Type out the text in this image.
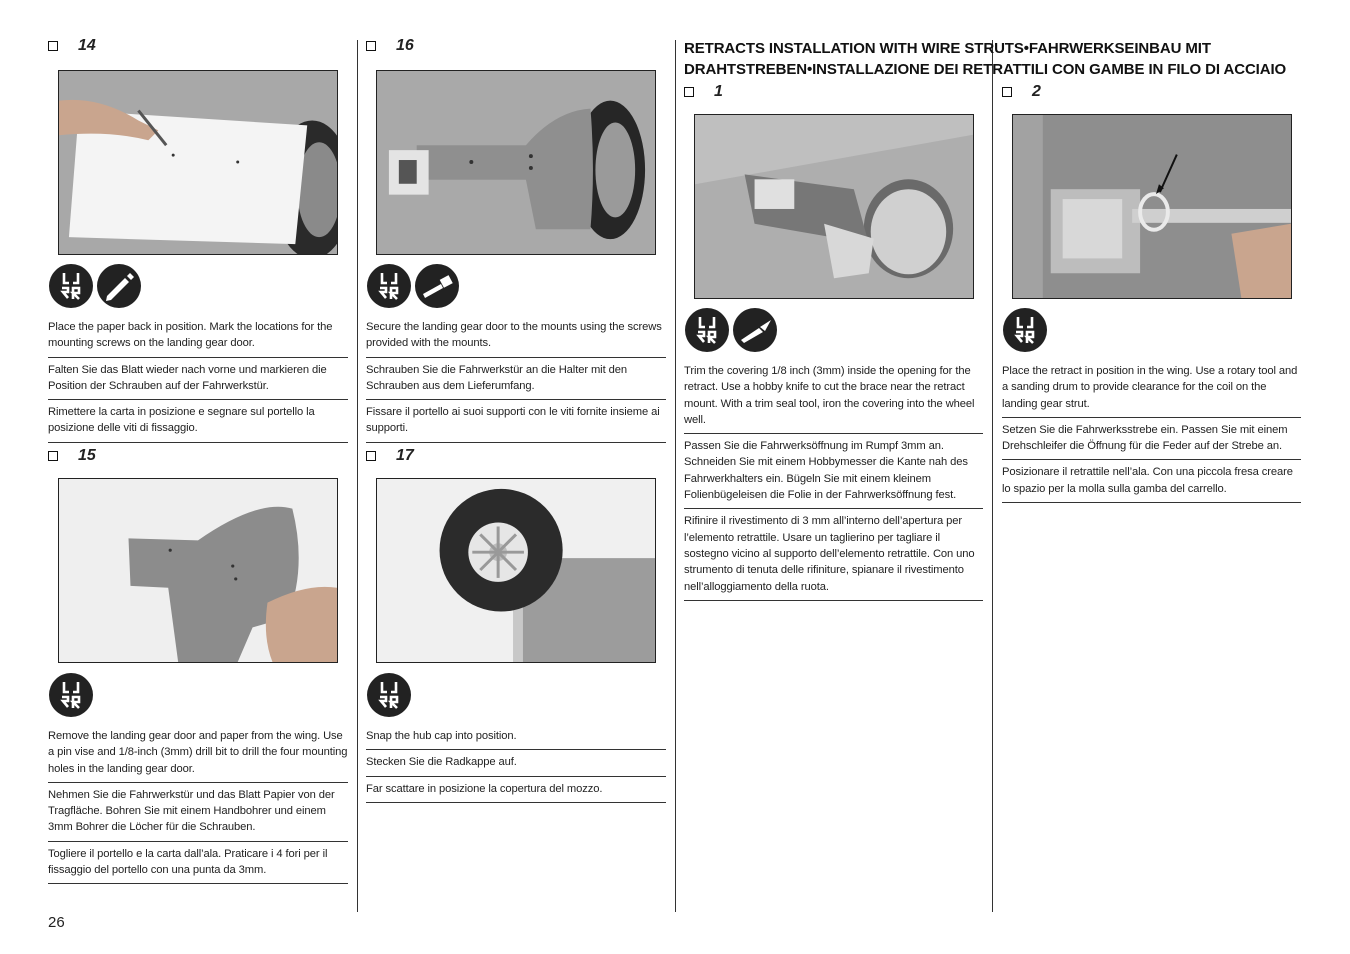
14
Place the paper back in position. Mark the locations for the mounting screws on the landing gear door.
Falten Sie das Blatt wieder nach vorne und markieren die Position der Schrauben auf der Fahrwerkstür.
Rimettere la carta in posizione e segnare sul portello la posizione delle viti di fissaggio.
15
Remove the landing gear door and paper from the wing. Use a pin vise and 1/8-inch (3mm) drill bit to drill the four mounting holes in the landing gear door.
Nehmen Sie die Fahrwerkstür und das Blatt Papier von der Tragfläche. Bohren Sie mit einem Handbohrer und einem 3mm Bohrer die Löcher für die Schrauben.
Togliere il portello e la carta dall’ala. Praticare i 4 fori per il fissaggio del portello con una punta da 3mm.
16
Secure the landing gear door to the mounts using the screws provided with the mounts.
Schrauben Sie die Fahrwerkstür an die Halter mit den Schrauben aus dem Lieferumfang.
Fissare il portello ai suoi supporti con le viti fornite insieme ai supporti.
17
Snap the hub cap into position.
Stecken Sie die Radkappe auf.
Far scattare in posizione la copertura del mozzo.
RETRACTS INSTALLATION WITH WIRE STRUTS•FAHRWERKSEINBAU MIT DRAHTSTREBEN•INSTALLAZIONE DEI RETRATTILI CON GAMBE IN FILO DI ACCIAIO
1
Trim the covering 1/8 inch (3mm) inside the opening for the retract. Use a hobby knife to cut the brace near the retract mount. With a trim seal tool, iron the covering into the wheel well.
Passen Sie die Fahrwerksöffnung im Rumpf 3mm an. Schneiden Sie mit einem Hobbymesser die Kante nah des Fahrwerkhalters ein. Bügeln Sie mit einem kleinem Folienbügeleisen die Folie in der Fahrwerksöffnung fest.
Rifinire il rivestimento di 3 mm all’interno dell’apertura per l’elemento retrattile. Usare un taglierino per tagliare il sostegno vicino al supporto dell’elemento retrattile. Con uno strumento di tenuta delle rifiniture, spianare il rivestimento nell’alloggiamento della ruota.
2
Place the retract in position in the wing. Use a rotary tool and a sanding drum to provide clearance for the coil on the landing gear strut.
Setzen Sie die Fahrwerksstrebe ein. Passen Sie mit einem Drehschleifer die Öffnung für die Feder auf der Strebe an.
Posizionare il retrattile nell’ala. Con una piccola fresa creare lo spazio per la molla sulla gamba del carrello.
26
